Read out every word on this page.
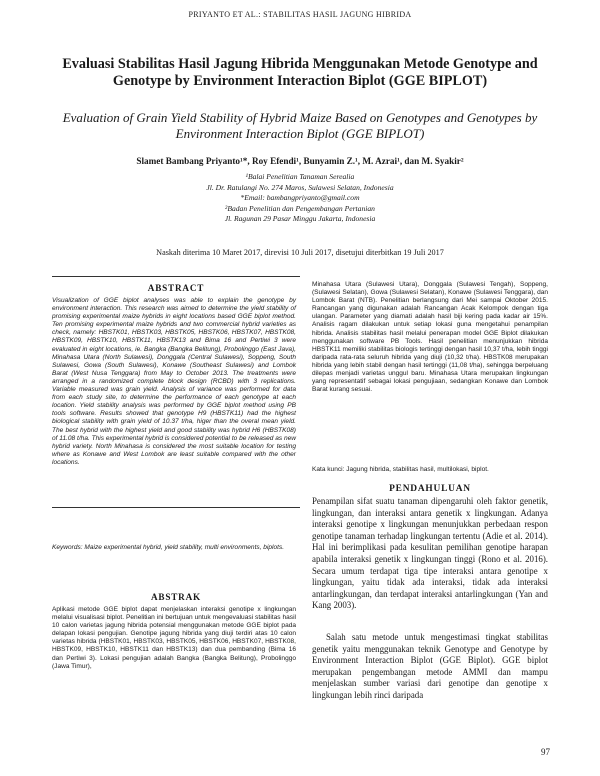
PRIYANTO ET AL.: STABILITAS HASIL JAGUNG HIBRIDA
Evaluasi Stabilitas Hasil Jagung Hibrida Menggunakan Metode Genotype and Genotype by Environment Interaction Biplot (GGE BIPLOT)
Evaluation of Grain Yield Stability of Hybrid Maize Based on Genotypes and Genotypes by Environment Interaction Biplot (GGE BIPLOT)
Slamet Bambang Priyanto¹*, Roy Efendi¹, Bunyamin Z.¹, M. Azrai¹, dan M. Syakir²

¹Balai Penelitian Tanaman Serealia

Jl. Dr. Ratulangi No. 274 Maros, Sulawesi Selatan, Indonesia

*Email: bambangpriyanto@gmail.com

²Badan Penelitian dan Pengembangan Pertanian

Jl. Ragunan 29 Pasar Minggu Jakarta, Indonesia

Naskah diterima 10 Maret 2017, direvisi 10 Juli 2017, disetujui diterbitkan 19 Juli 2017
ABSTRACT
Visualization of GGE biplot analyses was able to explain the genotype by environment interaction. This research was aimed to determine the yield stability of promising experimental maize hybrids in eight locations based GGE biplot method. Ten promising experimental maize hybrids and two commercial hybrid varieties as check, namely: HBSTK01, HBSTK03, HBSTK05, HBSTK06, HBSTK07, HBSTK08, HBSTK09, HBSTK10, HBSTK11, HBSTK13 and Bima 16 and Pertiwi 3 were evaluated in eight locations, ie. Bangka (Bangka Belitung), Probolinggo (East Java), Minahasa Utara (North Sulawesi), Donggala (Central Sulawesi), Soppeng, South Sulawesi, Gowa (South Sulawesi), Konawe (Southeast Sulawesi) and Lombok Barat (West Nusa Tenggara) from May to October 2013. The treatments were arranged in a randomized complete block design (RCBD) with 3 replications. Variable measured was grain yield. Analysis of variance was performed for data from each study site, to determine the performance of each genotype at each location. Yield stability analysis was performed by GGE biplot method using PB tools software. Results showed that genotype H9 (HBSTK11) had the highest biological stability with grain yield of 10.37 t/ha, higer than the overal mean yield. The best hybrid with the highest yield and good stability was hybrid H6 (HBSTK08) of 11.08 t/ha. This experimental hybrid is considered potential to be released as new hybrid variety. North Minahasa is considered the most suitable location for testing where as Konawe and West Lombok are least suitable compared with the other locations.
Keywords: Maize experimental hybrid, yield stability, multi environments, biplots.
ABSTRAK
Aplikasi metode GGE biplot dapat menjelaskan interaksi genotipe x lingkungan melalui visualisasi biplot. Penelitian ini bertujuan untuk mengevaluasi stabilitas hasil 10 calon varietas jagung hibrida potensial menggunakan metode GGE biplot pada delapan lokasi pengujian. Genotipe jagung hibrida yang diuji terdiri atas 10 calon varietas hibrida (HBSTK01, HBSTK03, HBSTK05, HBSTK06, HBSTK07, HBSTK08, HBSTK09, HBSTK10, HBSTK11 dan HBSTK13) dan dua pembanding (Bima 16 dan Pertiwi 3). Lokasi pengujian adalah Bangka (Bangka Belitung), Probolinggo (Jawa Timur),
Minahasa Utara (Sulawesi Utara), Donggala (Sulawesi Tengah), Soppeng, (Sulawesi Selatan), Gowa (Sulawesi Selatan), Konawe (Sulawesi Tenggara), dan Lombok Barat (NTB). Penelitian berlangsung dari Mei sampai Oktober 2015. Rancangan yang digunakan adalah Rancangan Acak Kelompok dengan tiga ulangan. Parameter yang diamati adalah hasil biji kering pada kadar air 15%. Analisis ragam dilakukan untuk setiap lokasi guna mengetahui penampilan hibrida. Analisis stabilitas hasil melalui penerapan model GGE Biplot dilakukan menggunakan software PB Tools. Hasil penelitian menunjukkan hibrida HBSTK11 memiliki stabilitas biologis tertinggi dengan hasil 10,37 t/ha, lebih tinggi daripada rata-rata seluruh hibrida yang diuji (10,32 t/ha). HBSTK08 merupakan hibrida yang lebih stabil dengan hasil tertinggi (11,08 t/ha), sehingga berpeluang dilepas menjadi varietas unggul baru. Minahasa Utara merupakan lingkungan yang representatif sebagai lokasi pengujiaan, sedangkan Konawe dan Lombok Barat kurang sesuai.
Kata kunci: Jagung hibrida, stabilitas hasil, multilokasi, biplot.
PENDAHULUAN
Penampilan sifat suatu tanaman dipengaruhi oleh faktor genetik, lingkungan, dan interaksi antara genetik x lingkungan. Adanya interaksi genotipe x lingkungan menunjukkan perbedaan respon genotipe tanaman terhadap lingkungan tertentu (Adie et al. 2014). Hal ini berimplikasi pada kesulitan pemilihan genotipe harapan apabila interaksi genetik x lingkungan tinggi (Rono et al. 2016). Secara umum terdapat tiga tipe interaksi antara genotipe x lingkungan, yaitu tidak ada interaksi, tidak ada interaksi antarlingkungan, dan terdapat interaksi antarlingkungan (Yan and Kang 2003).
Salah satu metode untuk mengestimasi tingkat stabilitas genetik yaitu menggunakan teknik Genotype and Genotype by Environment Interaction Biplot (GGE Biplot). GGE biplot merupakan pengembangan metode AMMI dan mampu menjelaskan sumber variasi dari genotipe dan genotipe x lingkungan lebih rinci daripada
97
